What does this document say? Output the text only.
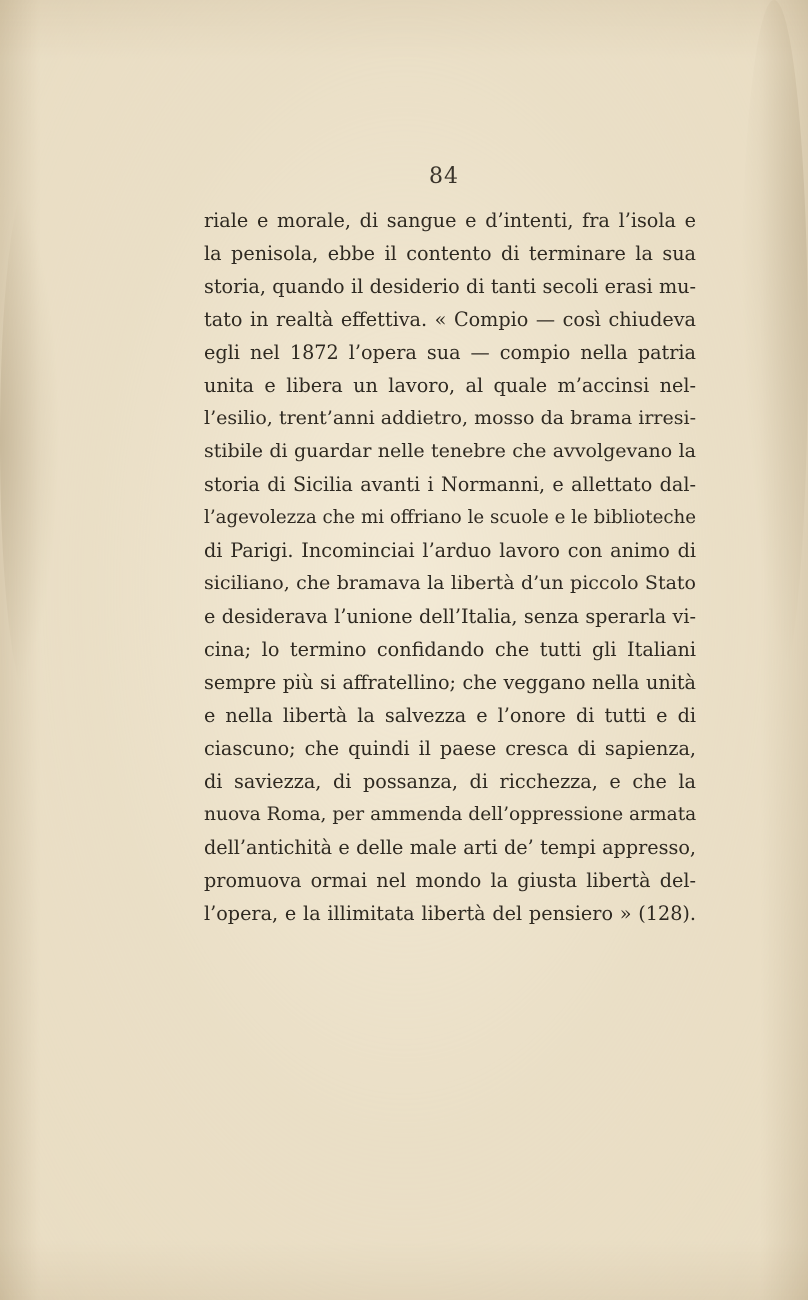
84
riale e morale, di sangue e d’intenti, fra l’isola e
la penisola, ebbe il contento di terminare la sua
storia, quando il desiderio di tanti secoli erasi mu-
tato in realtà effettiva. « Compio — così chiudeva
egli nel 1872 l’opera sua — compio nella patria
unita e libera un lavoro, al quale m’accinsi nel-
l’esilio, trent’anni addietro, mosso da brama irresi-
stibile di guardar nelle tenebre che avvolgevano la
storia di Sicilia avanti i Normanni, e allettato dal-
l’agevolezza che mi offriano le scuole e le biblioteche
di Parigi. Incominciai l’arduo lavoro con animo di
siciliano, che bramava la libertà d’un piccolo Stato
e desiderava l’unione dell’Italia, senza sperarla vi-
cina; lo termino confidando che tutti gli Italiani
sempre più si affratellino; che veggano nella unità
e nella libertà la salvezza e l’onore di tutti e di
ciascuno; che quindi il paese cresca di sapienza,
di saviezza, di possanza, di ricchezza, e che la
nuova Roma, per ammenda dell’oppressione armata
dell’antichità e delle male arti de’ tempi appresso,
promuova ormai nel mondo la giusta libertà del-
l’opera, e la illimitata libertà del pensiero » (128).
